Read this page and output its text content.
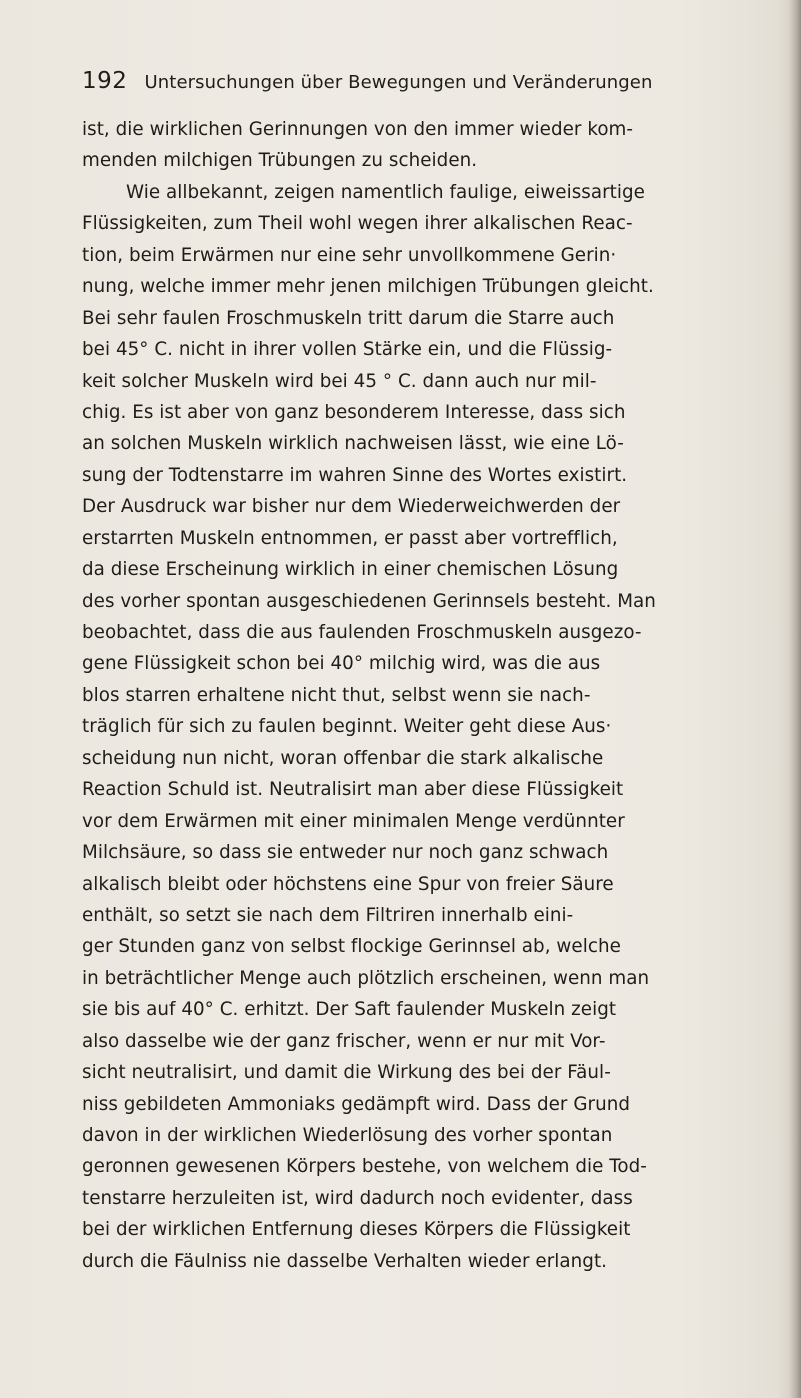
192 Untersuchungen über Bewegungen und Veränderungen
ist, die wirklichen Gerinnungen von den immer wieder kom-
menden milchigen Trübungen zu scheiden.
Wie allbekannt, zeigen namentlich faulige, eiweissartige
Flüssigkeiten, zum Theil wohl wegen ihrer alkalischen Reac-
tion, beim Erwärmen nur eine sehr unvollkommene Gerin·
nung, welche immer mehr jenen milchigen Trübungen gleicht.
Bei sehr faulen Froschmuskeln tritt darum die Starre auch
bei 45° C. nicht in ihrer vollen Stärke ein, und die Flüssig-
keit solcher Muskeln wird bei 45 ° C. dann auch nur mil-
chig. Es ist aber von ganz besonderem Interesse, dass sich
an solchen Muskeln wirklich nachweisen lässt, wie eine Lö-
sung der Todtenstarre im wahren Sinne des Wortes existirt.
Der Ausdruck war bisher nur dem Wiederweichwerden der
erstarrten Muskeln entnommen, er passt aber vortrefflich,
da diese Erscheinung wirklich in einer chemischen Lösung
des vorher spontan ausgeschiedenen Gerinnsels besteht. Man
beobachtet, dass die aus faulenden Froschmuskeln ausgezo-
gene Flüssigkeit schon bei 40° milchig wird, was die aus
blos starren erhaltene nicht thut, selbst wenn sie nach-
träglich für sich zu faulen beginnt. Weiter geht diese Aus·
scheidung nun nicht, woran offenbar die stark alkalische
Reaction Schuld ist. Neutralisirt man aber diese Flüssigkeit
vor dem Erwärmen mit einer minimalen Menge verdünnter
Milchsäure, so dass sie entweder nur noch ganz schwach
alkalisch bleibt oder höchstens eine Spur von freier Säure
enthält, so setzt sie nach dem Filtriren innerhalb eini-
ger Stunden ganz von selbst flockige Gerinnsel ab, welche
in beträchtlicher Menge auch plötzlich erscheinen, wenn man
sie bis auf 40° C. erhitzt. Der Saft faulender Muskeln zeigt
also dasselbe wie der ganz frischer, wenn er nur mit Vor-
sicht neutralisirt, und damit die Wirkung des bei der Fäul-
niss gebildeten Ammoniaks gedämpft wird. Dass der Grund
davon in der wirklichen Wiederlösung des vorher spontan
geronnen gewesenen Körpers bestehe, von welchem die Tod-
tenstarre herzuleiten ist, wird dadurch noch evidenter, dass
bei der wirklichen Entfernung dieses Körpers die Flüssigkeit
durch die Fäulniss nie dasselbe Verhalten wieder erlangt.
